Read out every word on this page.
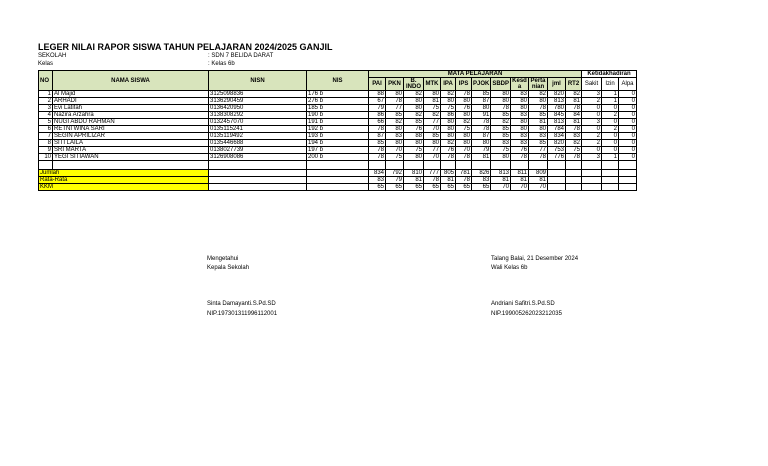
LEGER NILAI RAPOR SISWA TAHUN PELAJARAN 2024/2025 GANJIL
SEKOLAH	: SDN 7 BELIDA DARAT
Kelas	: Kelas 6b
NO	NAMA SISWA	NISN	NIS	MATA PELAJARAN												Ketidakhadiran		
				PAI	PKN	B. INDO	MTK	IPA	IPS	PJOK	SBDP	Kesd a	Perta nian	jml	RT2			
																Sakit	Izin	Alpa
1	Al Majid	3125098836	176 b	88	80	82	80	82	78	85	80	83	82	820	82	3	1	0
2	ARHADI	3136290459	276 b	67	78	80	81	80	80	87	80	80	80	813	81	2	1	0
3	Evi Latifah	0136420950	185 b	79	77	80	75	75	76	80	78	80	78	780	78	0	0	0
4	Nazira Arzahra	3138308292	190 b	86	85	82	82	86	80	91	85	83	85	845	84	0	2	0
5	NUGI ABDU RAHMAN	0132457070	191 b	66	82	85	77	80	82	78	82	80	81	813	81	3	0	0
6	RETNI WINA SARI	0135115241	192 b	78	80	76	70	80	75	78	85	80	80	784	78	0	2	0
7	SEGIN APRILIZAR	0135119492	193 b	87	83	88	85	80	80	87	85	83	83	834	83	2	0	0
8	SITI LAILA	0135446688	194 b	85	80	80	80	82	80	80	83	83	85	820	82	2	0	0
9	SRI MARTA	0138027739	197 b	78	70	75	77	76	70	79	75	76	77	753	75	0	0	0
10	YEGI SITIAWAN	3126908086	200 b	78	75	80	70	78	78	81	80	78	78	776	78	3	1	0

Jumlah				834	792	810	777	805	781	826	813	811	809					
Rata-Rata				83	79	81	78	81	78	83	81	81	81					
KKM				65	65	65	65	65	65	65	70	70	70					
Mengetahui
Kepala Sekolah
Sinta Damayanti.S.Pd.SD
NIP.197301311996112001
Talang Balai, 21 Desember 2024
Wali Kelas 6b
Andriani Safitri.S.Pd.SD
NIP.199005262023212035
